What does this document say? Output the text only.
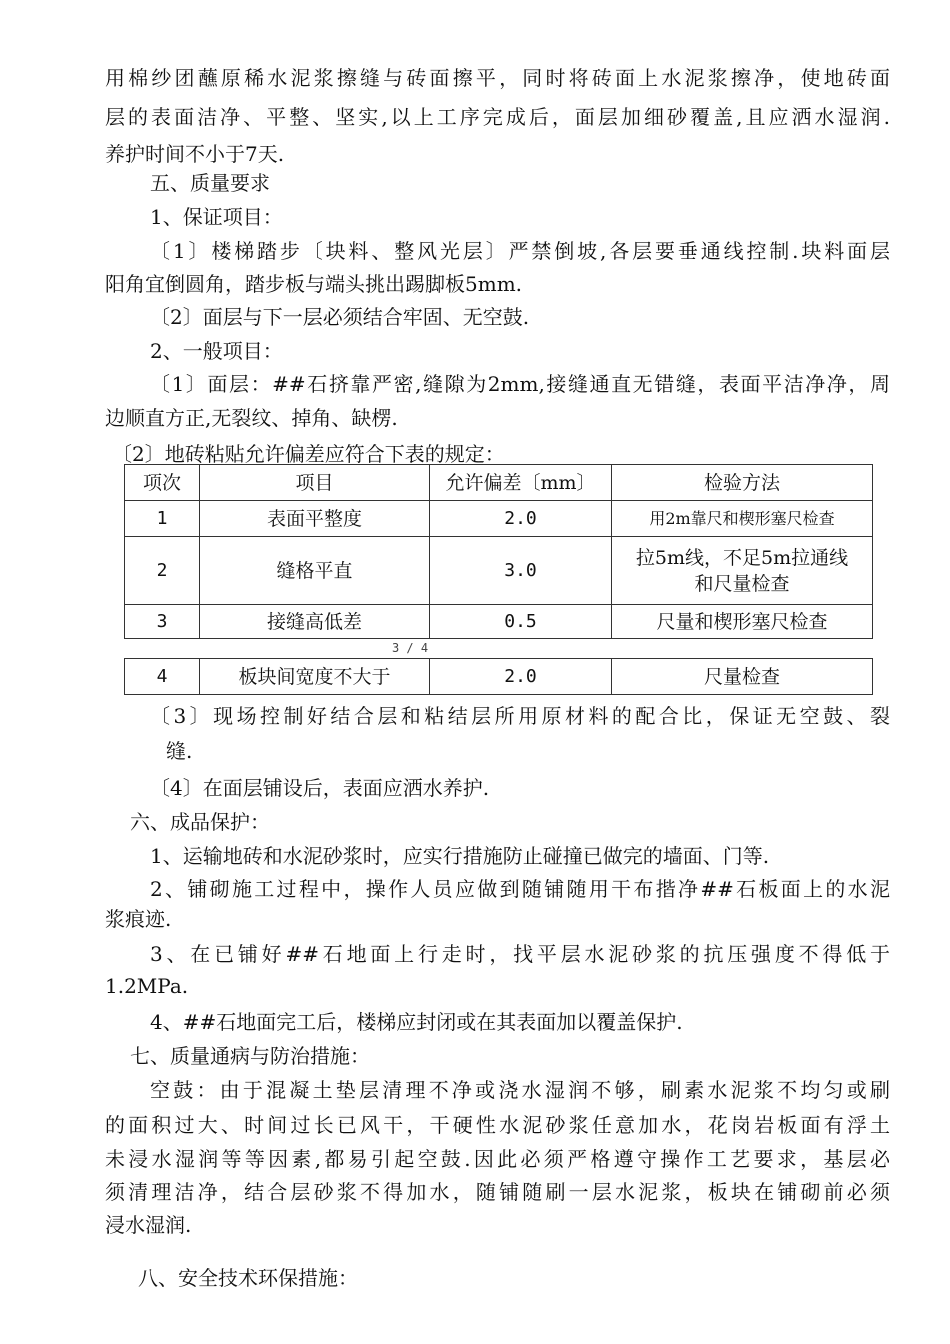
用棉纱团蘸原稀水泥浆擦缝与砖面擦平，同时将砖面上水泥浆擦净，使地砖面
层的表面洁净、平整、坚实,以上工序完成后，面层加细砂覆盖,且应洒水湿润.
养护时间不小于7天.
五、质量要求
1、保证项目：
〔1〕楼梯踏步〔块料、整风光层〕严禁倒坡,各层要垂通线控制.块料面层
阳角宜倒圆角，踏步板与端头挑出踢脚板5mm.
〔2〕面层与下一层必须结合牢固、无空鼓.
2、一般项目：
〔1〕面层：##石挤靠严密,缝隙为2mm,接缝通直无错缝，表面平洁净净，周
边顺直方正,无裂纹、掉角、缺楞.
〔2〕地砖粘贴允许偏差应符合下表的规定：
项次	项目	允许偏差〔mm〕	检验方法
1	表面平整度	2.0	用2m靠尺和楔形塞尺检查
2	缝格平直	3.0	拉5m线，不足5m拉通线
和尺量检查

3	接缝高低差	0.5	尺量和楔形塞尺检查
3 / 4
4	板块间宽度不大于	2.0	尺量检查
〔3〕现场控制好结合层和粘结层所用原材料的配合比，保证无空鼓、裂
缝.
〔4〕在面层铺设后，表面应洒水养护.
六、成品保护：
1、运输地砖和水泥砂浆时，应实行措施防止碰撞已做完的墙面、门等.
2、铺砌施工过程中，操作人员应做到随铺随用干布揩净##石板面上的水泥
浆痕迹.
3、在已铺好##石地面上行走时，找平层水泥砂浆的抗压强度不得低于
1.2MPa.
4、##石地面完工后，楼梯应封闭或在其表面加以覆盖保护.
七、质量通病与防治措施：
空鼓：由于混凝土垫层清理不净或浇水湿润不够，刷素水泥浆不均匀或刷
的面积过大、时间过长已风干，干硬性水泥砂浆任意加水，花岗岩板面有浮土
未浸水湿润等等因素,都易引起空鼓.因此必须严格遵守操作工艺要求，基层必
须清理洁净，结合层砂浆不得加水，随铺随刷一层水泥浆，板块在铺砌前必须
浸水湿润.
八、安全技术环保措施：
